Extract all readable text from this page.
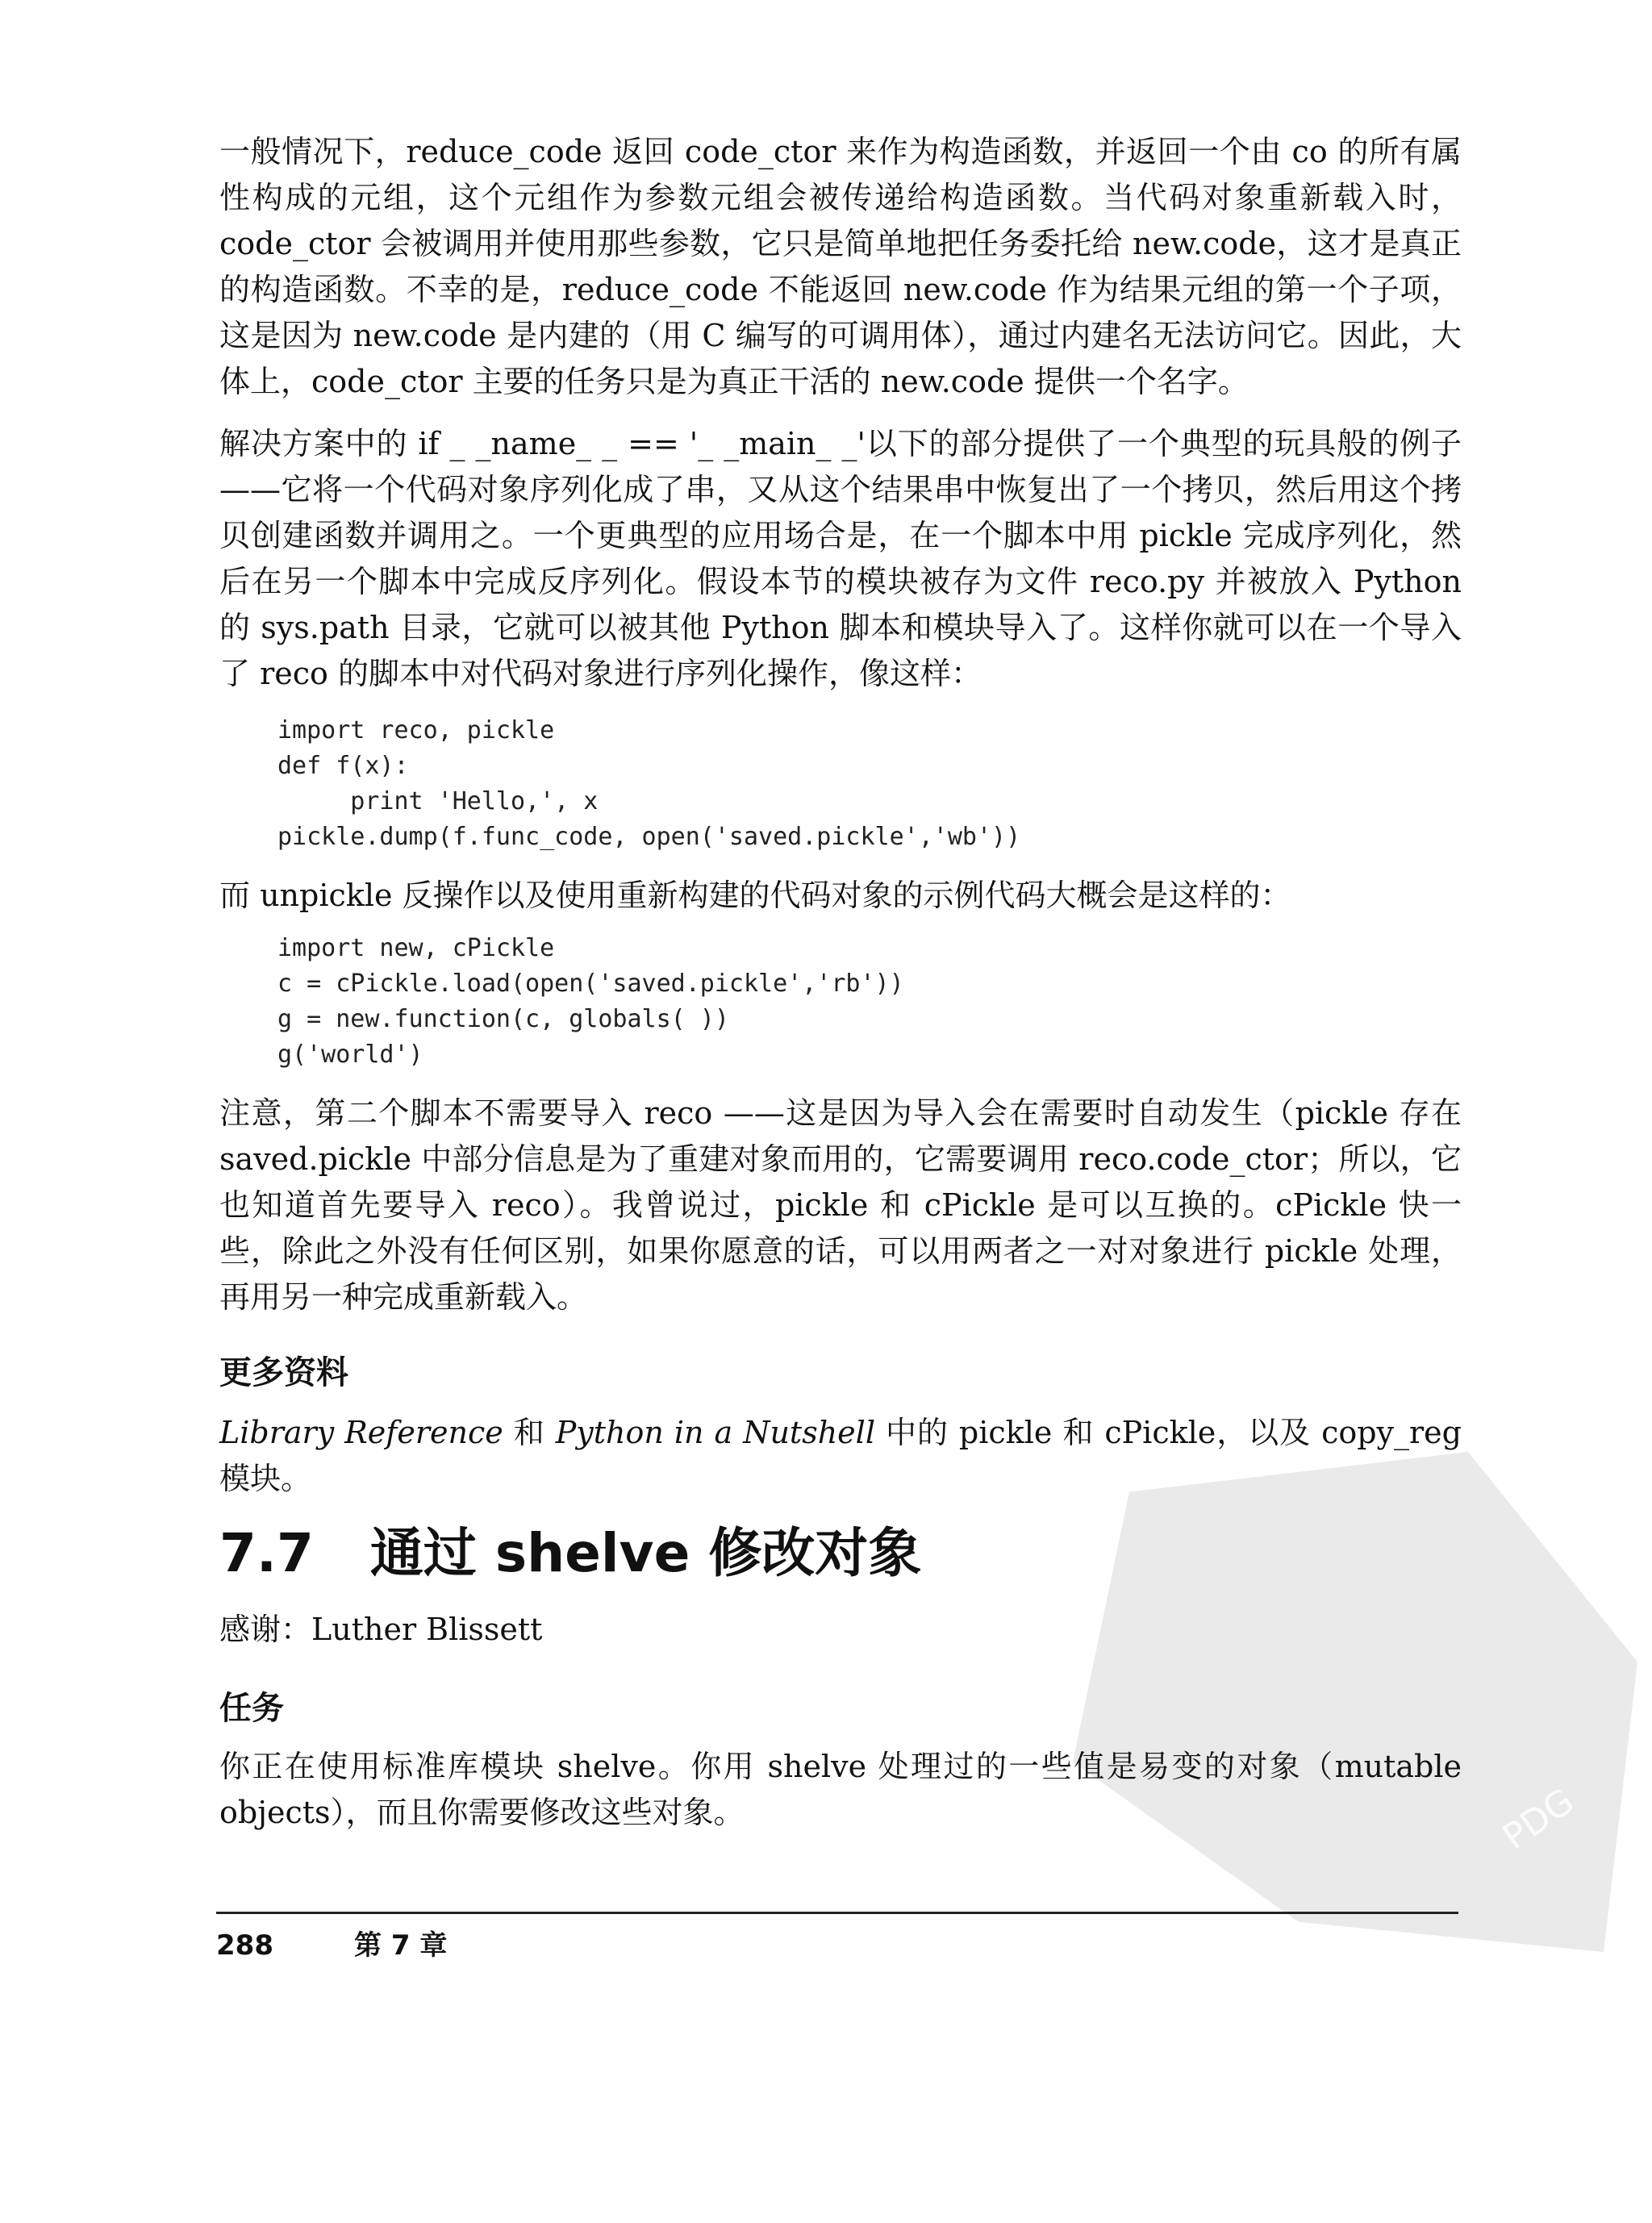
PDG

一般情况下，reduce_code 返回 code_ctor 来作为构造函数，并返回一个由 co 的所有属性构成的元组，这个元组作为参数元组会被传递给构造函数。当代码对象重新载入时，code_ctor 会被调用并使用那些参数，它只是简单地把任务委托给 new.code，这才是真正的构造函数。不幸的是，reduce_code 不能返回 new.code 作为结果元组的第一个子项，这是因为 new.code 是内建的（用 C 编写的可调用体），通过内建名无法访问它。因此，大体上，code_ctor 主要的任务只是为真正干活的 new.code 提供一个名字。

解决方案中的 if _ _name_ _ == '_ _main_ _'以下的部分提供了一个典型的玩具般的例子——它将一个代码对象序列化成了串，又从这个结果串中恢复出了一个拷贝，然后用这个拷贝创建函数并调用之。一个更典型的应用场合是，在一个脚本中用 pickle 完成序列化，然后在另一个脚本中完成反序列化。假设本节的模块被存为文件 reco.py 并被放入 Python 的 sys.path 目录，它就可以被其他 Python 脚本和模块导入了。这样你就可以在一个导入了 reco 的脚本中对代码对象进行序列化操作，像这样：

import reco, pickle
def f(x):
print 'Hello,', x
pickle.dump(f.func_code, open('saved.pickle','wb'))

而 unpickle 反操作以及使用重新构建的代码对象的示例代码大概会是这样的：

import new, cPickle
c = cPickle.load(open('saved.pickle','rb'))
g = new.function(c, globals( ))
g('world')

注意，第二个脚本不需要导入 reco ——这是因为导入会在需要时自动发生（pickle 存在 saved.pickle 中部分信息是为了重建对象而用的，它需要调用 reco.code_ctor；所以，它也知道首先要导入 reco）。我曾说过，pickle 和 cPickle 是可以互换的。cPickle 快一些，除此之外没有任何区别，如果你愿意的话，可以用两者之一对对象进行 pickle 处理，再用另一种完成重新载入。

更多资料

Library Reference 和 Python in a Nutshell 中的 pickle 和 cPickle，以及 copy_reg 模块。

7.7 通过 shelve 修改对象

感谢：Luther Blissett

任务

你正在使用标准库模块 shelve。你用 shelve 处理过的一些值是易变的对象（mutable objects），而且你需要修改这些对象。

288	第 7 章
